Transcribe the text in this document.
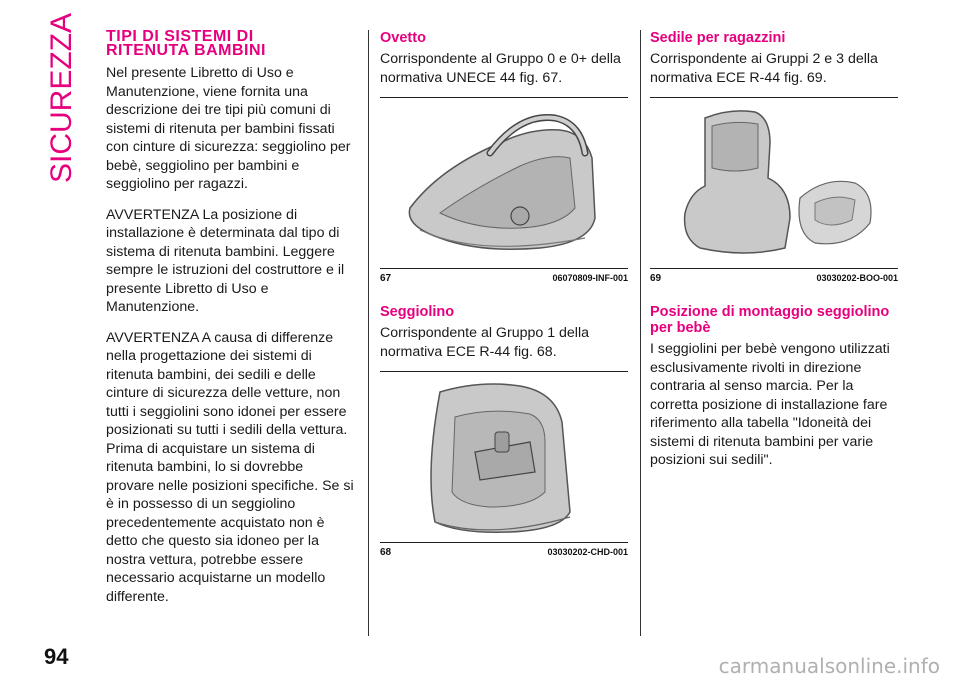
SICUREZZA TIPI DI SISTEMI DI
RITENUTA BAMBINI

Nel presente Libretto di Uso e Manutenzione, viene fornita una descrizione dei tre tipi più comuni di sistemi di ritenuta per bambini fissati con cinture di sicurezza: seggiolino per bebè, seggiolino per bambini e seggiolino per ragazzi.

AVVERTENZA La posizione di installazione è determinata dal tipo di sistema di ritenuta bambini. Leggere sempre le istruzioni del costruttore e il presente Libretto di Uso e Manutenzione.

AVVERTENZA A causa di differenze nella progettazione dei sistemi di ritenuta bambini, dei sedili e delle cinture di sicurezza delle vetture, non tutti i seggiolini sono idonei per essere posizionati su tutti i sedili della vettura. Prima di acquistare un sistema di ritenuta bambini, lo si dovrebbe provare nelle posizioni specifiche. Se si è in possesso di un seggiolino precedentemente acquistato non è detto che questo sia idoneo per la nostra vettura, potrebbe essere necessario acquistarne un modello differente.

Ovetto

Corrispondente al Gruppo 0 e 0+ della normativa UNECE 44 fig. 67.

67	06070809-INF-001
Seggiolino

Corrispondente al Gruppo 1 della normativa ECE R-44 fig. 68.

68	03030202-CHD-001
Sedile per ragazzini

Corrispondente ai Gruppi 2 e 3 della normativa ECE R-44 fig. 69.

69	03030202-BOO-001
Posizione di montaggio seggiolino per bebè

I seggiolini per bebè vengono utilizzati esclusivamente rivolti in direzione contraria al senso marcia. Per la corretta posizione di installazione fare riferimento alla tabella "Idoneità dei sistemi di ritenuta bambini per varie posizioni sui sedili".

94	carmanualsonline.info
